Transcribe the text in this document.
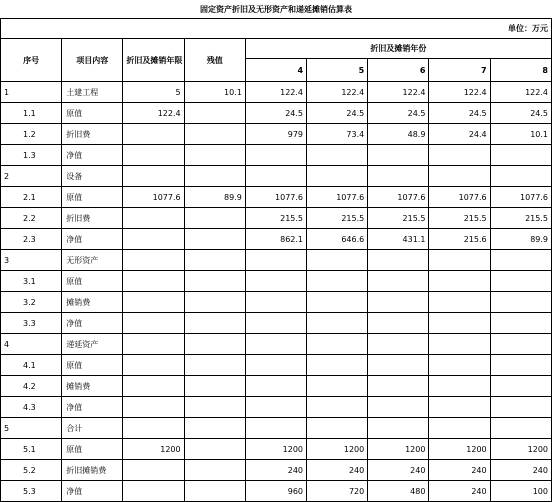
固定资产折旧及无形资产和递延摊销估算表								
单位：万元								
序号	项目内容	折旧及摊销年限	残值	折旧及摊销年份				
				4	5	6	7	8
1	土建工程	5	10.1	122.4	122.4	122.4	122.4	122.4
1.1	原值	122.4		24.5	24.5	24.5	24.5	24.5
1.2	折旧费			979	73.4	48.9	24.4	10.1
1.3	净值							
2	设备							
2.1	原值	1077.6	89.9	1077.6	1077.6	1077.6	1077.6	1077.6
2.2	折旧费			215.5	215.5	215.5	215.5	215.5
2.3	净值			862.1	646.6	431.1	215.6	89.9
3	无形资产							
3.1	原值							
3.2	摊销费							
3.3	净值							
4	递延资产							
4.1	原值							
4.2	摊销费							
4.3	净值							
5	合计							
5.1	原值	1200		1200	1200	1200	1200	1200
5.2	折旧摊销费			240	240	240	240	240
5.3	净值			960	720	480	240	100
